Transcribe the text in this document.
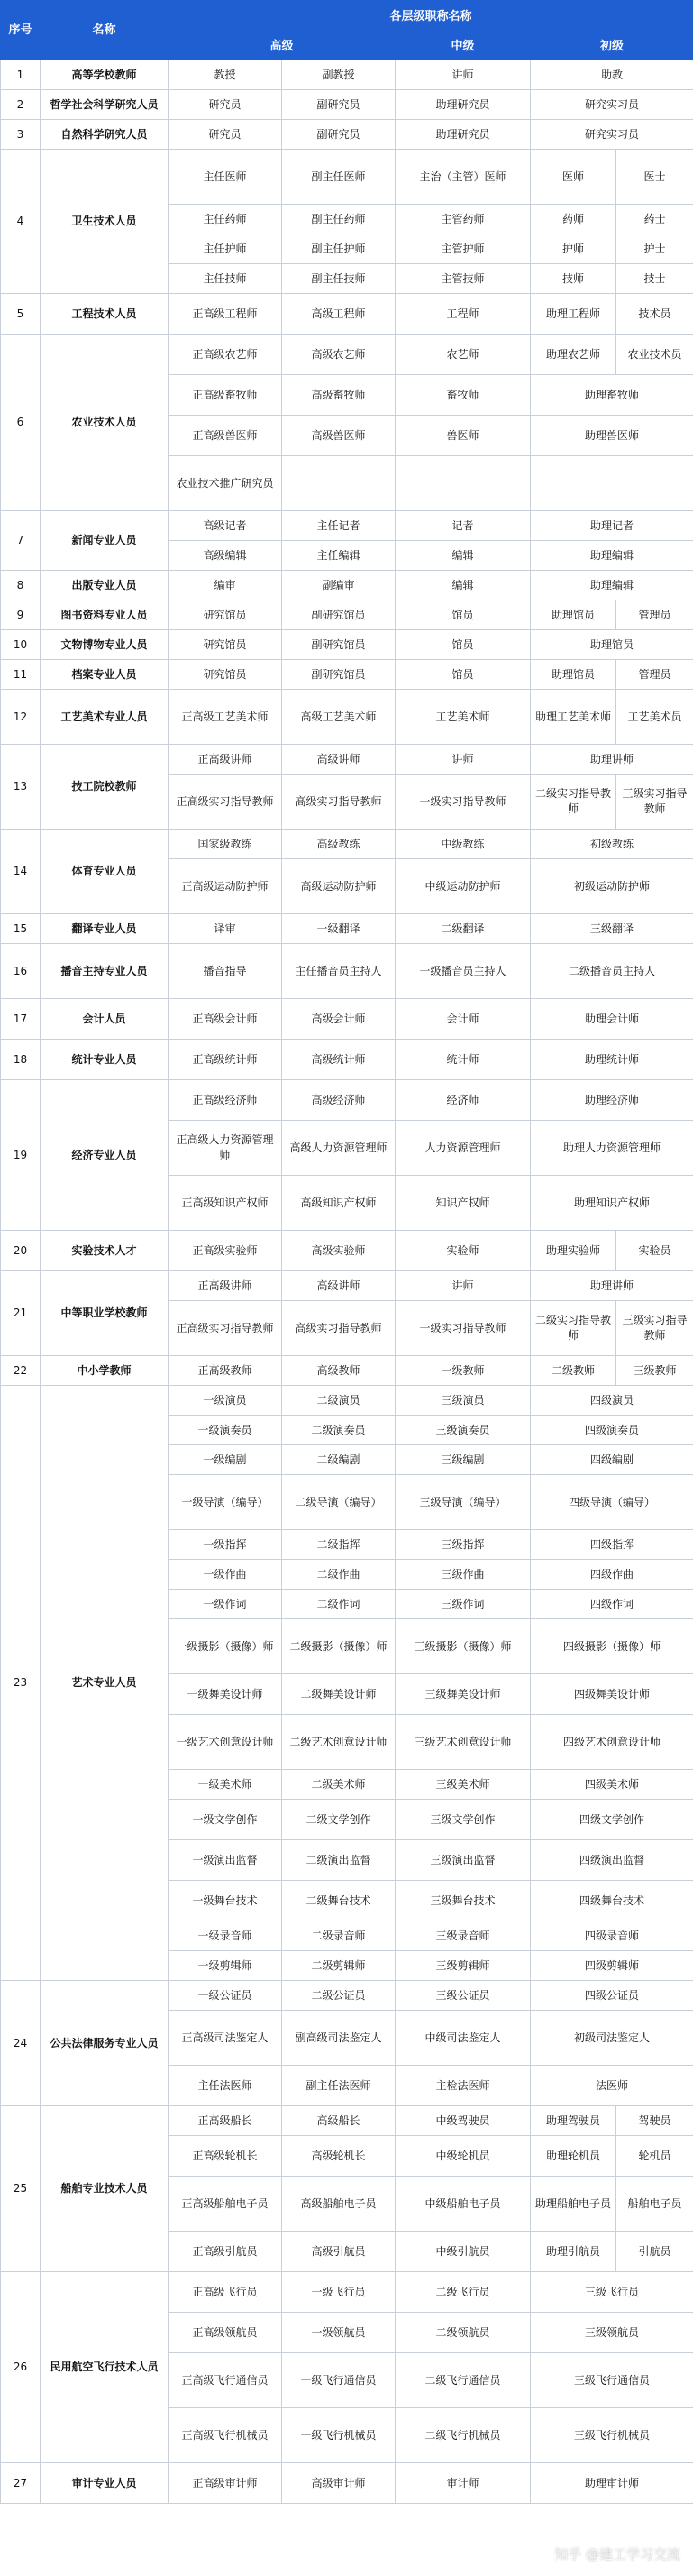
序号	名称	各层级职称名称				
		高级		中级	初级	
1	高等学校教师	教授	副教授	讲师	助教	
2	哲学社会科学研究人员	研究员	副研究员	助理研究员	研究实习员	
3	自然科学研究人员	研究员	副研究员	助理研究员	研究实习员	
4	卫生技术人员	主任医师	副主任医师	主治（主管）医师	医师	医士
		主任药师	副主任药师	主管药师	药师	药士
		主任护师	副主任护师	主管护师	护师	护士
		主任技师	副主任技师	主管技师	技师	技士
5	工程技术人员	正高级工程师	高级工程师	工程师	助理工程师	技术员
6	农业技术人员	正高级农艺师	高级农艺师	农艺师	助理农艺师	农业技术员
		正高级畜牧师	高级畜牧师	畜牧师	助理畜牧师	
		正高级兽医师	高级兽医师	兽医师	助理兽医师	
		农业技术推广研究员				
7	新闻专业人员	高级记者	主任记者	记者	助理记者	
		高级编辑	主任编辑	编辑	助理编辑	
8	出版专业人员	编审	副编审	编辑	助理编辑	
9	图书资料专业人员	研究馆员	副研究馆员	馆员	助理馆员	管理员
10	文物博物专业人员	研究馆员	副研究馆员	馆员	助理馆员	
11	档案专业人员	研究馆员	副研究馆员	馆员	助理馆员	管理员
12	工艺美术专业人员	正高级工艺美术师	高级工艺美术师	工艺美术师	助理工艺美术师	工艺美术员
13	技工院校教师	正高级讲师	高级讲师	讲师	助理讲师	
		正高级实习指导教师	高级实习指导教师	一级实习指导教师	二级实习指导教师	三级实习指导教师
14	体育专业人员	国家级教练	高级教练	中级教练	初级教练	
		正高级运动防护师	高级运动防护师	中级运动防护师	初级运动防护师	
15	翻译专业人员	译审	一级翻译	二级翻译	三级翻译	
16	播音主持专业人员	播音指导	主任播音员主持人	一级播音员主持人	二级播音员主持人	
17	会计人员	正高级会计师	高级会计师	会计师	助理会计师	
18	统计专业人员	正高级统计师	高级统计师	统计师	助理统计师	
19	经济专业人员	正高级经济师	高级经济师	经济师	助理经济师	
		正高级人力资源管理师	高级人力资源管理师	人力资源管理师	助理人力资源管理师	
		正高级知识产权师	高级知识产权师	知识产权师	助理知识产权师	
20	实验技术人才	正高级实验师	高级实验师	实验师	助理实验师	实验员
21	中等职业学校教师	正高级讲师	高级讲师	讲师	助理讲师	
		正高级实习指导教师	高级实习指导教师	一级实习指导教师	二级实习指导教师	三级实习指导教师
22	中小学教师	正高级教师	高级教师	一级教师	二级教师	三级教师
23	艺术专业人员	一级演员	二级演员	三级演员	四级演员	
		一级演奏员	二级演奏员	三级演奏员	四级演奏员	
		一级编剧	二级编剧	三级编剧	四级编剧	
		一级导演（编导）	二级导演（编导）	三级导演（编导）	四级导演（编导）	
		一级指挥	二级指挥	三级指挥	四级指挥	
		一级作曲	二级作曲	三级作曲	四级作曲	
		一级作词	二级作词	三级作词	四级作词	
		一级摄影（摄像）师	二级摄影（摄像）师	三级摄影（摄像）师	四级摄影（摄像）师	
		一级舞美设计师	二级舞美设计师	三级舞美设计师	四级舞美设计师	
		一级艺术创意设计师	二级艺术创意设计师	三级艺术创意设计师	四级艺术创意设计师	
		一级美术师	二级美术师	三级美术师	四级美术师	
		一级文学创作	二级文学创作	三级文学创作	四级文学创作	
		一级演出监督	二级演出监督	三级演出监督	四级演出监督	
		一级舞台技术	二级舞台技术	三级舞台技术	四级舞台技术	
		一级录音师	二级录音师	三级录音师	四级录音师	
		一级剪辑师	二级剪辑师	三级剪辑师	四级剪辑师	
24	公共法律服务专业人员	一级公证员	二级公证员	三级公证员	四级公证员	
		正高级司法鉴定人	副高级司法鉴定人	中级司法鉴定人	初级司法鉴定人	
		主任法医师	副主任法医师	主检法医师	法医师	
25	船舶专业技术人员	正高级船长	高级船长	中级驾驶员	助理驾驶员	驾驶员
		正高级轮机长	高级轮机长	中级轮机员	助理轮机员	轮机员
		正高级船舶电子员	高级船舶电子员	中级船舶电子员	助理船舶电子员	船舶电子员
		正高级引航员	高级引航员	中级引航员	助理引航员	引航员
26	民用航空飞行技术人员	正高级飞行员	一级飞行员	二级飞行员	三级飞行员	
		正高级领航员	一级领航员	二级领航员	三级领航员	
		正高级飞行通信员	一级飞行通信员	二级飞行通信员	三级飞行通信员	
		正高级飞行机械员	一级飞行机械员	二级飞行机械员	三级飞行机械员	
27	审计专业人员	正高级审计师	高级审计师	审计师	助理审计师	
知乎 @建工学习交流
